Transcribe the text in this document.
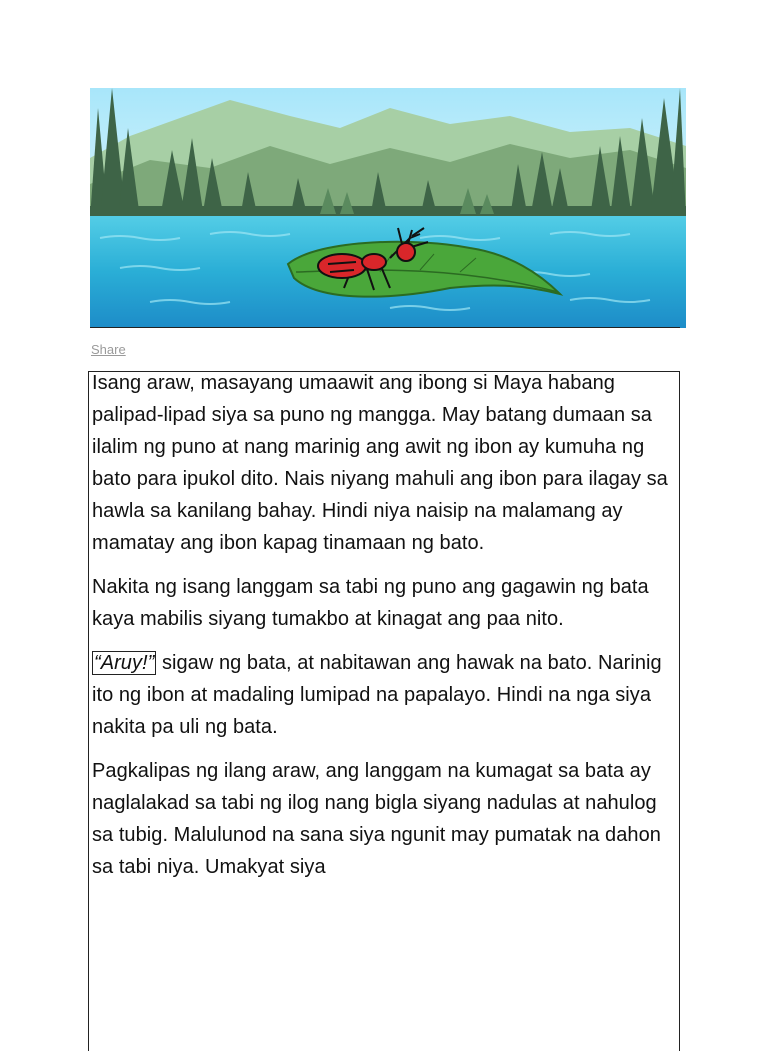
Share

Isang araw, masayang umaawit ang ibong si Maya habang palipad-lipad siya sa puno ng mangga. May batang dumaan sa ilalim ng puno at nang marinig ang awit ng ibon ay kumuha ng bato para ipukol dito. Nais niyang mahuli ang ibon para ilagay sa hawla sa kanilang bahay. Hindi niya naisip na malamang ay mamatay ang ibon kapag tinamaan ng bato.

Nakita ng isang langgam sa tabi ng puno ang gagawin ng bata kaya mabilis siyang tumakbo at kinagat ang paa nito.

“Aruy!” sigaw ng bata, at nabitawan ang hawak na bato. Narinig ito ng ibon at madaling lumipad na papalayo. Hindi na nga siya nakita pa uli ng bata.

Pagkalipas ng ilang araw, ang langgam na kumagat sa bata ay naglalakad sa tabi ng ilog nang bigla siyang nadulas at nahulog sa tubig. Malulunod na sana siya ngunit may pumatak na dahon sa tabi niya. Umakyat siya
